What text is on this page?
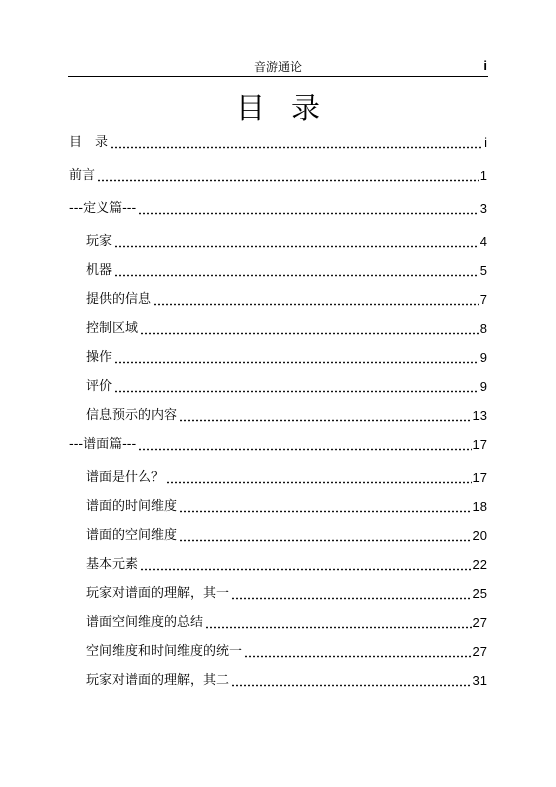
音游通论	i
目录
目　录	i
前言	1
---定义篇---	3
玩家	4
机器	5
提供的信息	7
控制区域	8
操作	9
评价	9
信息预示的内容	13
---谱面篇---	17
谱面是什么？	17
谱面的时间维度	18
谱面的空间维度	20
基本元素	22
玩家对谱面的理解，其一	25
谱面空间维度的总结	27
空间维度和时间维度的统一	27
玩家对谱面的理解，其二	31
